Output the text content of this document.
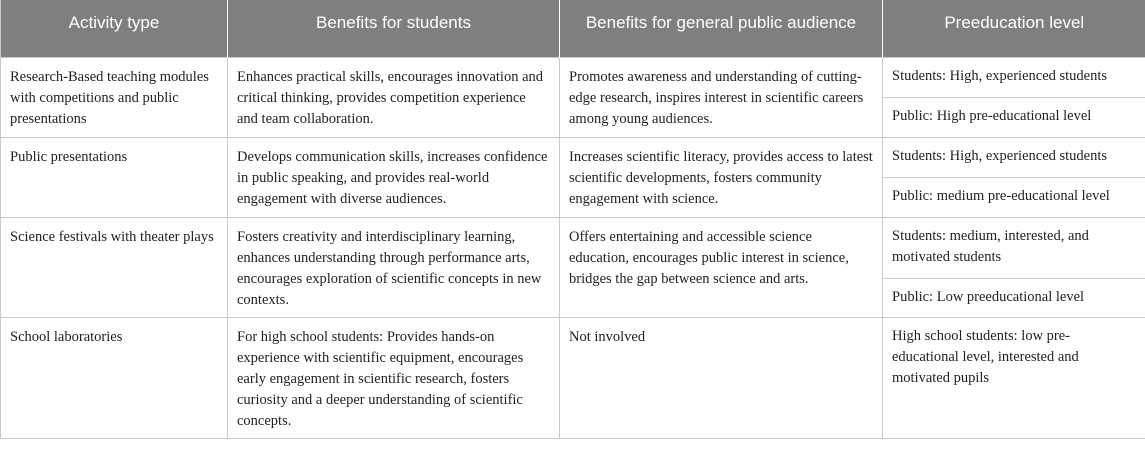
Activity type	Benefits for students	Benefits for general public audience	Preeducation level
Research-Based teaching modules with competitions and public presentations	Enhances practical skills, encourages innovation and critical thinking, provides competition experience and team collaboration.	Promotes awareness and understanding of cutting-edge research, inspires interest in scientific careers among young audiences.	Students: High, experienced students
			Public: High pre-educational level
Public presentations	Develops communication skills, increases confidence in public speaking, and provides real-world engagement with diverse audiences.	Increases scientific literacy, provides access to latest scientific developments, fosters community engagement with science.	Students: High, experienced students
			Public: medium pre-educational level
Science festivals with theater plays	Fosters creativity and interdisciplinary learning, enhances understanding through performance arts, encourages exploration of scientific concepts in new contexts.	Offers entertaining and accessible science education, encourages public interest in science, bridges the gap between science and arts.	Students: medium, interested, and motivated students
			Public: Low preeducational level
School laboratories	For high school students: Provides hands-on experience with scientific equipment, encourages early engagement in scientific research, fosters curiosity and a deeper understanding of scientific concepts.	Not involved	High school students: low pre-educational level, interested and motivated pupils
